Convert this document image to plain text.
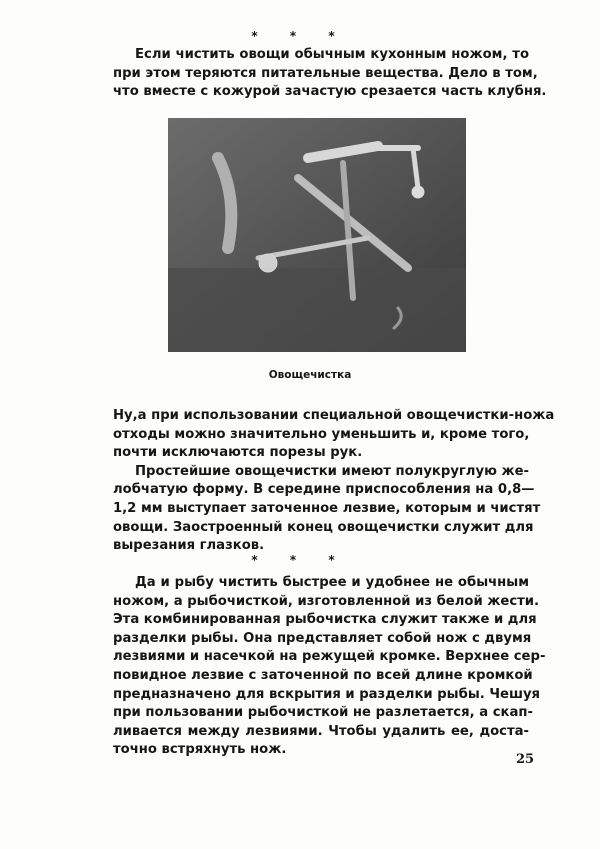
* * *
Если чистить овощи обычным кухонным ножом, то
при этом теряются питательные вещества. Дело в том,
что вместе с кожурой зачастую срезается часть клубня.
Овощечистка
Ну,а при использовании специальной овощечистки-ножа
отходы можно значительно уменьшить и, кроме того,
почти исключаются порезы рук.
Простейшие овощечистки имеют полукруглую же-
лобчатую форму. В середине приспособления на 0,8—
1,2 мм выступает заточенное лезвие, которым и чистят
овощи. Заостроенный конец овощечистки служит для
вырезания глазков.
* * *
Да и рыбу чистить быстрее и удобнее не обычным
ножом, а рыбочисткой, изготовленной из белой жести.
Эта комбинированная рыбочистка служит также и для
разделки рыбы. Она представляет собой нож с двумя
лезвиями и насечкой на режущей кромке. Верхнее сер-
повидное лезвие с заточенной по всей длине кромкой
предназначено для вскрытия и разделки рыбы. Чешуя
при пользовании рыбочисткой не разлетается, а скап-
ливается между лезвиями. Чтобы удалить ее, доста-
точно встряхнуть нож.
25
